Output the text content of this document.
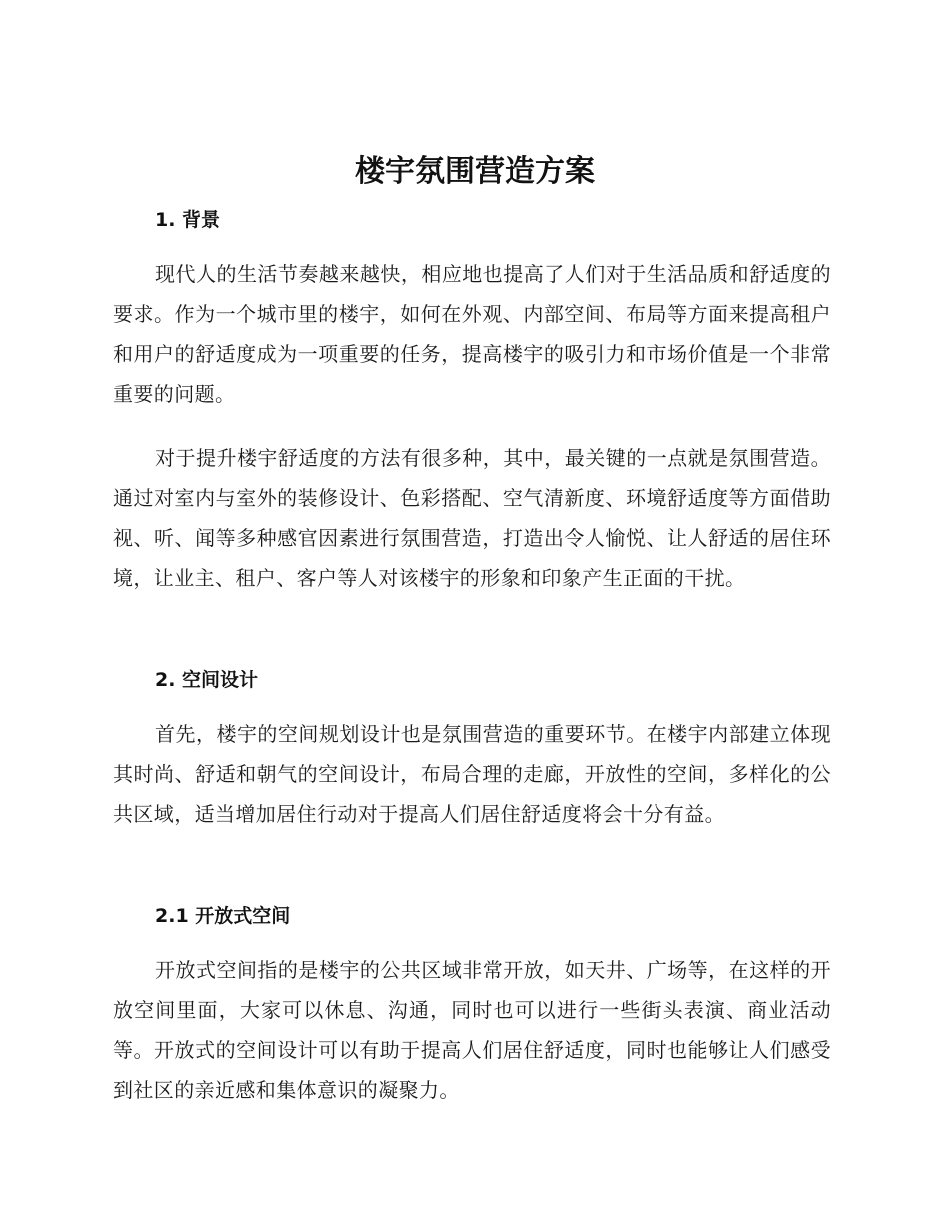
楼宇氛围营造方案
1. 背景

现代人的生活节奏越来越快，相应地也提高了人们对于生活品质和舒适度的要求。作为一个城市里的楼宇，如何在外观、内部空间、布局等方面来提高租户和用户的舒适度成为一项重要的任务，提高楼宇的吸引力和市场价值是一个非常重要的问题。

对于提升楼宇舒适度的方法有很多种，其中，最关键的一点就是氛围营造。通过对室内与室外的装修设计、色彩搭配、空气清新度、环境舒适度等方面借助视、听、闻等多种感官因素进行氛围营造，打造出令人愉悦、让人舒适的居住环境，让业主、租户、客户等人对该楼宇的形象和印象产生正面的干扰。

2. 空间设计

首先，楼宇的空间规划设计也是氛围营造的重要环节。在楼宇内部建立体现其时尚、舒适和朝气的空间设计，布局合理的走廊，开放性的空间，多样化的公共区域，适当增加居住行动对于提高人们居住舒适度将会十分有益。

2.1 开放式空间

开放式空间指的是楼宇的公共区域非常开放，如天井、广场等，在这样的开放空间里面，大家可以休息、沟通，同时也可以进行一些街头表演、商业活动等。开放式的空间设计可以有助于提高人们居住舒适度，同时也能够让人们感受到社区的亲近感和集体意识的凝聚力。
